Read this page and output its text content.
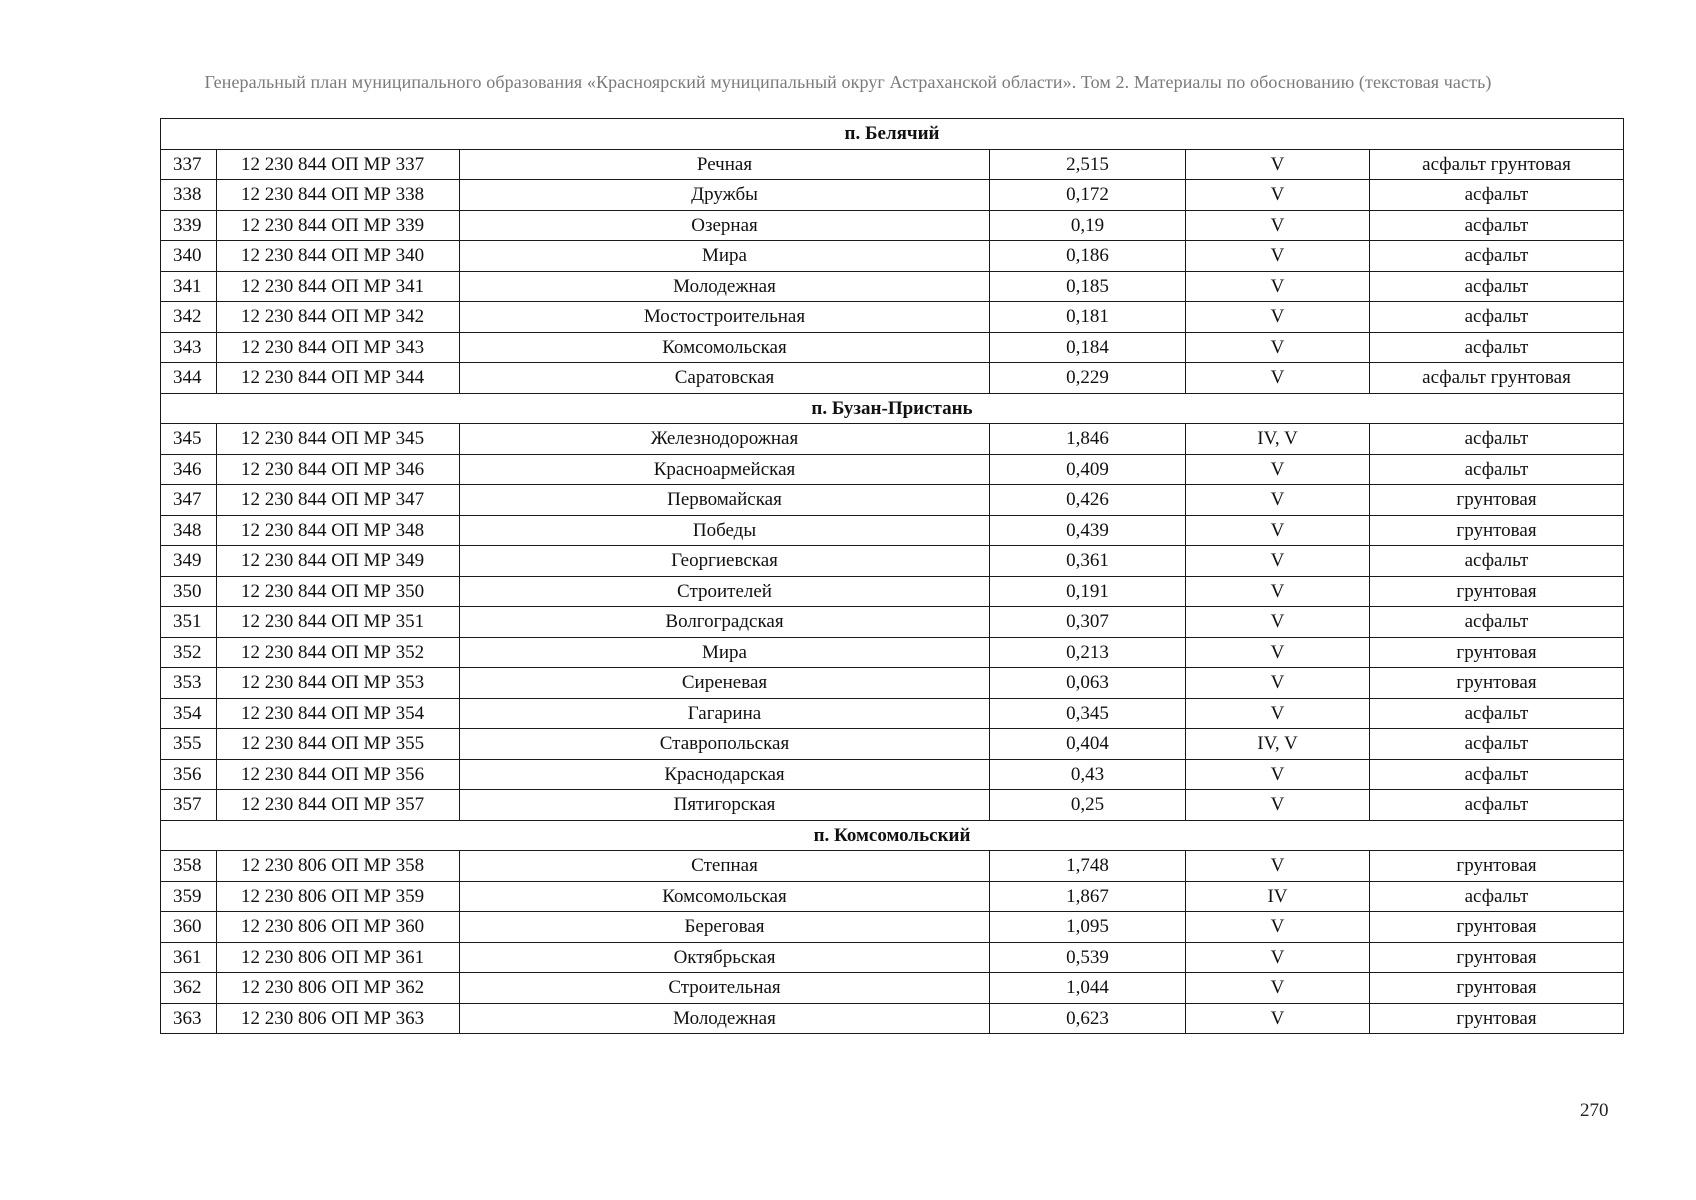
Генеральный план муниципального образования «Красноярский муниципальный округ Астраханской области». Том 2. Материалы по обоснованию (текстовая часть)
п. Белячий					
337	12 230 844 ОП МР 337	Речная	2,515	V	асфальт грунтовая
338	12 230 844 ОП МР 338	Дружбы	0,172	V	асфальт
339	12 230 844 ОП МР 339	Озерная	0,19	V	асфальт
340	12 230 844 ОП МР 340	Мира	0,186	V	асфальт
341	12 230 844 ОП МР 341	Молодежная	0,185	V	асфальт
342	12 230 844 ОП МР 342	Мостостроительная	0,181	V	асфальт
343	12 230 844 ОП МР 343	Комсомольская	0,184	V	асфальт
344	12 230 844 ОП МР 344	Саратовская	0,229	V	асфальт грунтовая
п. Бузан-Пристань					
345	12 230 844 ОП МР 345	Железнодорожная	1,846	IV, V	асфальт
346	12 230 844 ОП МР 346	Красноармейская	0,409	V	асфальт
347	12 230 844 ОП МР 347	Первомайская	0,426	V	грунтовая
348	12 230 844 ОП МР 348	Победы	0,439	V	грунтовая
349	12 230 844 ОП МР 349	Георгиевская	0,361	V	асфальт
350	12 230 844 ОП МР 350	Строителей	0,191	V	грунтовая
351	12 230 844 ОП МР 351	Волгоградская	0,307	V	асфальт
352	12 230 844 ОП МР 352	Мира	0,213	V	грунтовая
353	12 230 844 ОП МР 353	Сиреневая	0,063	V	грунтовая
354	12 230 844 ОП МР 354	Гагарина	0,345	V	асфальт
355	12 230 844 ОП МР 355	Ставропольская	0,404	IV, V	асфальт
356	12 230 844 ОП МР 356	Краснодарская	0,43	V	асфальт
357	12 230 844 ОП МР 357	Пятигорская	0,25	V	асфальт
п. Комсомольский					
358	12 230 806 ОП МР 358	Степная	1,748	V	грунтовая
359	12 230 806 ОП МР 359	Комсомольская	1,867	IV	асфальт
360	12 230 806 ОП МР 360	Береговая	1,095	V	грунтовая
361	12 230 806 ОП МР 361	Октябрьская	0,539	V	грунтовая
362	12 230 806 ОП МР 362	Строительная	1,044	V	грунтовая
363	12 230 806 ОП МР 363	Молодежная	0,623	V	грунтовая
270
